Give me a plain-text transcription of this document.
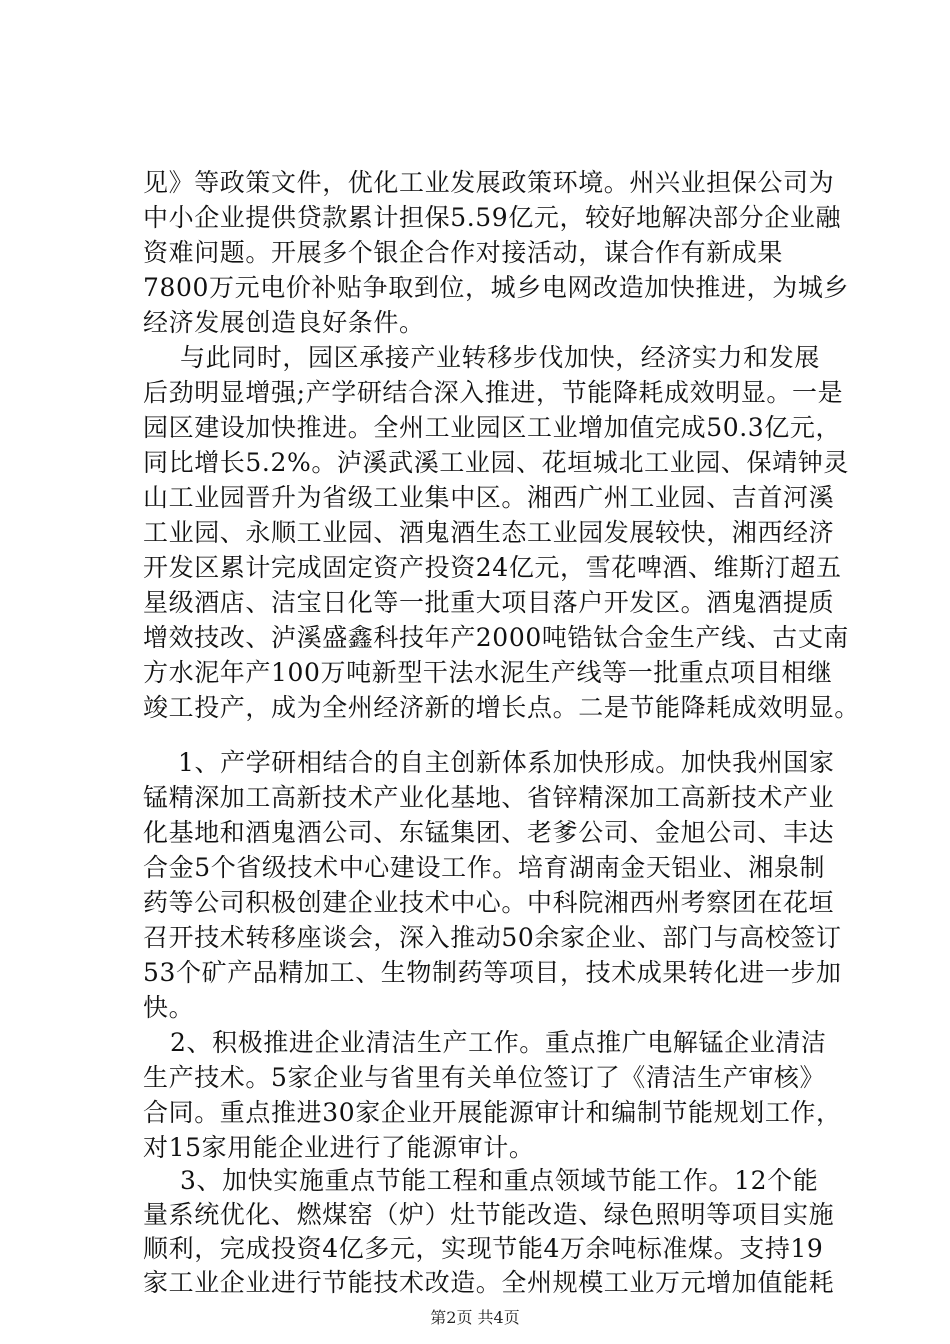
见》等政策文件，优化工业发展政策环境。州兴业担保公司为
中小企业提供贷款累计担保5.59亿元，较好地解决部分企业融
资难问题。开展多个银企合作对接活动，谋合作有新成果
7800万元电价补贴争取到位，城乡电网改造加快推进，为城乡
经济发展创造良好条件。
与此同时，园区承接产业转移步伐加快，经济实力和发展
后劲明显增强;产学研结合深入推进，节能降耗成效明显。一是
园区建设加快推进。全州工业园区工业增加值完成50.3亿元，
同比增长5.2%。泸溪武溪工业园、花垣城北工业园、保靖钟灵
山工业园晋升为省级工业集中区。湘西广州工业园、吉首河溪
工业园、永顺工业园、酒鬼酒生态工业园发展较快，湘西经济
开发区累计完成固定资产投资24亿元，雪花啤酒、维斯汀超五
星级酒店、洁宝日化等一批重大项目落户开发区。酒鬼酒提质
增效技改、泸溪盛鑫科技年产2000吨锆钛合金生产线、古丈南
方水泥年产100万吨新型干法水泥生产线等一批重点项目相继
竣工投产，成为全州经济新的增长点。二是节能降耗成效明显。
1、产学研相结合的自主创新体系加快形成。加快我州国家
锰精深加工高新技术产业化基地、省锌精深加工高新技术产业
化基地和酒鬼酒公司、东锰集团、老爹公司、金旭公司、丰达
合金5个省级技术中心建设工作。培育湖南金天铝业、湘泉制
药等公司积极创建企业技术中心。中科院湘西州考察团在花垣
召开技术转移座谈会，深入推动50余家企业、部门与高校签订
53个矿产品精加工、生物制药等项目，技术成果转化进一步加
快。
2、积极推进企业清洁生产工作。重点推广电解锰企业清洁
生产技术。5家企业与省里有关单位签订了《清洁生产审核》
合同。重点推进30家企业开展能源审计和编制节能规划工作，
对15家用能企业进行了能源审计。
3、加快实施重点节能工程和重点领域节能工作。12个能
量系统优化、燃煤窑（炉）灶节能改造、绿色照明等项目实施
顺利，完成投资4亿多元，实现节能4万余吨标准煤。支持19
家工业企业进行节能技术改造。全州规模工业万元增加值能耗
第2页 共4页
